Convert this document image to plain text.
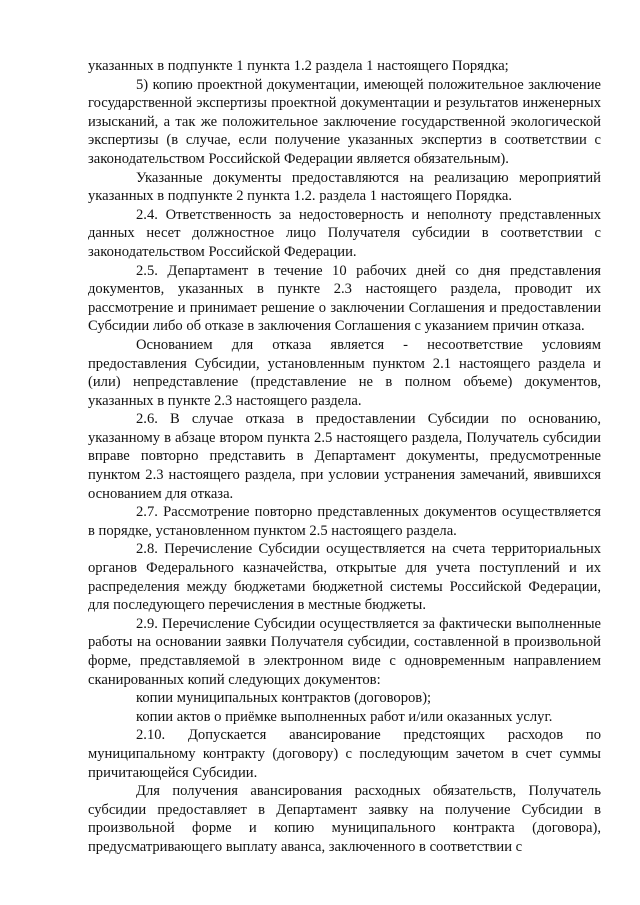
указанных в подпункте 1 пункта 1.2 раздела 1 настоящего Порядка;

5) копию проектной документации, имеющей положительное заключение государственной экспертизы проектной документации и результатов инженерных изысканий, а так же положительное заключение государственной экологической экспертизы (в случае, если получение указанных экспертиз в соответствии с законодательством Российской Федерации является обязательным).

Указанные документы предоставляются на реализацию мероприятий указанных в подпункте 2 пункта 1.2. раздела 1 настоящего Порядка.

2.4. Ответственность за недостоверность и неполноту представленных данных несет должностное лицо Получателя субсидии в соответствии с законодательством Российской Федерации.

2.5. Департамент в течение 10 рабочих дней со дня представления документов, указанных в пункте 2.3 настоящего раздела, проводит их рассмотрение и принимает решение о заключении Соглашения и предоставлении Субсидии либо об отказе в заключения Соглашения с указанием причин отказа.

Основанием для отказа является - несоответствие условиям предоставления Субсидии, установленным пунктом 2.1 настоящего раздела и (или) непредставление (представление не в полном объеме) документов, указанных в пункте 2.3 настоящего раздела.

2.6. В случае отказа в предоставлении Субсидии по основанию, указанному в абзаце втором пункта 2.5 настоящего раздела, Получатель субсидии вправе повторно представить в Департамент документы, предусмотренные пунктом 2.3 настоящего раздела, при условии устранения замечаний, явившихся основанием для отказа.

2.7. Рассмотрение повторно представленных документов осуществляется в порядке, установленном пунктом 2.5 настоящего раздела.

2.8. Перечисление Субсидии осуществляется на счета территориальных органов Федерального казначейства, открытые для учета поступлений и их распределения между бюджетами бюджетной системы Российской Федерации, для последующего перечисления в местные бюджеты.

2.9. Перечисление Субсидии осуществляется за фактически выполненные работы на основании заявки Получателя субсидии, составленной в произвольной форме, представляемой в электронном виде с одновременным направлением сканированных копий следующих документов:

копии муниципальных контрактов (договоров);

копии актов о приёмке выполненных работ и/или оказанных услуг.

2.10. Допускается авансирование предстоящих расходов по муниципальному контракту (договору) с последующим зачетом в счет суммы причитающейся Субсидии.

Для получения авансирования расходных обязательств, Получатель субсидии предоставляет в Департамент заявку на получение Субсидии в произвольной форме и копию муниципального контракта (договора), предусматривающего выплату аванса, заключенного в соответствии с
